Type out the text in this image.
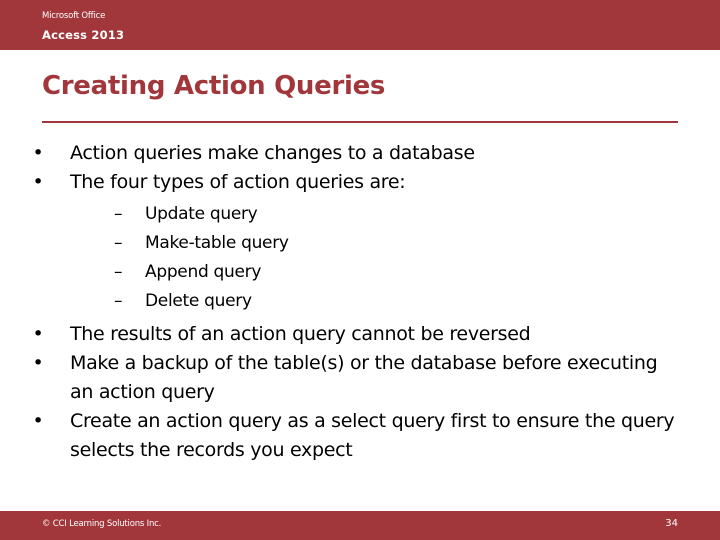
Microsoft Office
Access 2013
Creating Action Queries
• Action queries make changes to a database
• The four types of action queries are:
– Update query
– Make-table query
– Append query
– Delete query
• The results of an action query cannot be reversed
• Make a backup of the table(s) or the database before executing an action query
• Create an action query as a select query first to ensure the query selects the records you expect
© CCI Learning Solutions Inc.	34
